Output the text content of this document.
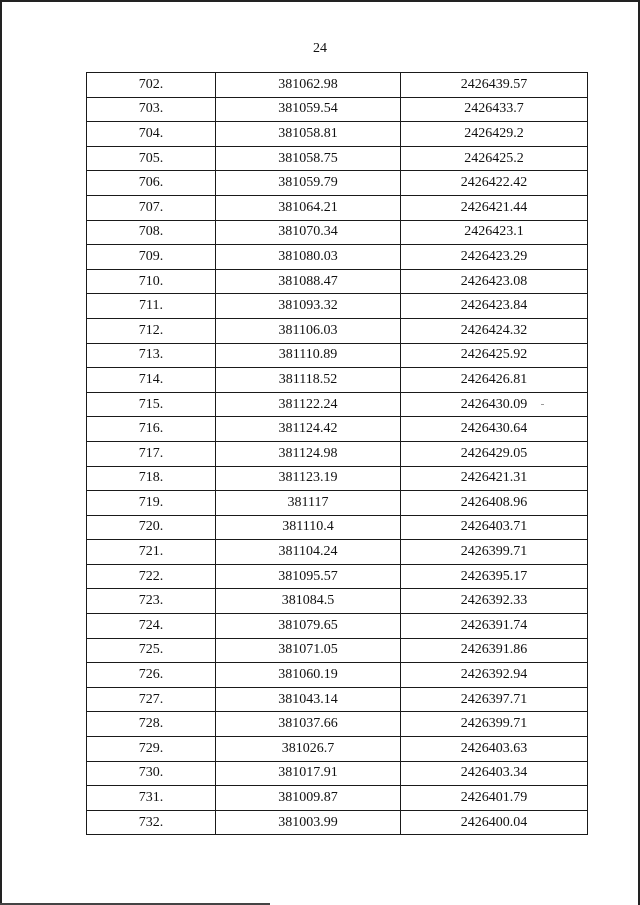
24
702.	381062.98	2426439.57
703.	381059.54	2426433.7
704.	381058.81	2426429.2
705.	381058.75	2426425.2
706.	381059.79	2426422.42
707.	381064.21	2426421.44
708.	381070.34	2426423.1
709.	381080.03	2426423.29
710.	381088.47	2426423.08
711.	381093.32	2426423.84
712.	381106.03	2426424.32
713.	381110.89	2426425.92
714.	381118.52	2426426.81
715.	381122.24	2426430.09
716.	381124.42	2426430.64
717.	381124.98	2426429.05
718.	381123.19	2426421.31
719.	381117	2426408.96
720.	381110.4	2426403.71
721.	381104.24	2426399.71
722.	381095.57	2426395.17
723.	381084.5	2426392.33
724.	381079.65	2426391.74
725.	381071.05	2426391.86
726.	381060.19	2426392.94
727.	381043.14	2426397.71
728.	381037.66	2426399.71
729.	381026.7	2426403.63
730.	381017.91	2426403.34
731.	381009.87	2426401.79
732.	381003.99	2426400.04
